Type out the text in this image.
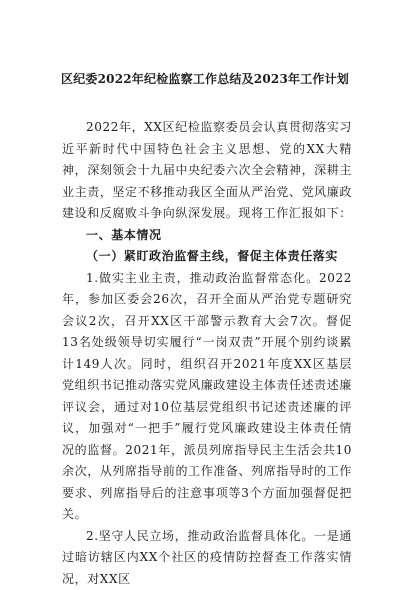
区纪委2022年纪检监察工作总结及2023年工作计划

2022年，XX区纪检监察委员会认真贯彻落实习近平新时代中国特色社会主义思想、党的XX大精神，深刻领会十九届中央纪委六次全会精神，深耕主业主责，坚定不移推动我区全面从严治党、党风廉政建设和反腐败斗争向纵深发展。现将工作汇报如下：

一、基本情况

（一）紧盯政治监督主线，督促主体责任落实

1.做实主业主责，推动政治监督常态化。2022年，参加区委会26次，召开全面从严治党专题研究会议2次，召开XX区干部警示教育大会7次。督促13名处级领导切实履行“一岗双责”开展个别约谈累计149人次。同时，组织召开2021年度XX区基层党组织书记推动落实党风廉政建设主体责任述责述廉评议会，通过对10位基层党组织书记述责述廉的评议，加强对“一把手”履行党风廉政建设主体责任情况的监督。2021年，派员列席指导民主生活会共10余次，从列席指导前的工作准备、列席指导时的工作要求、列席指导后的注意事项等3个方面加强督促把关。

2.坚守人民立场，推动政治监督具体化。一是通过暗访辖区内XX个社区的疫情防控督查工作落实情况，对XX区
